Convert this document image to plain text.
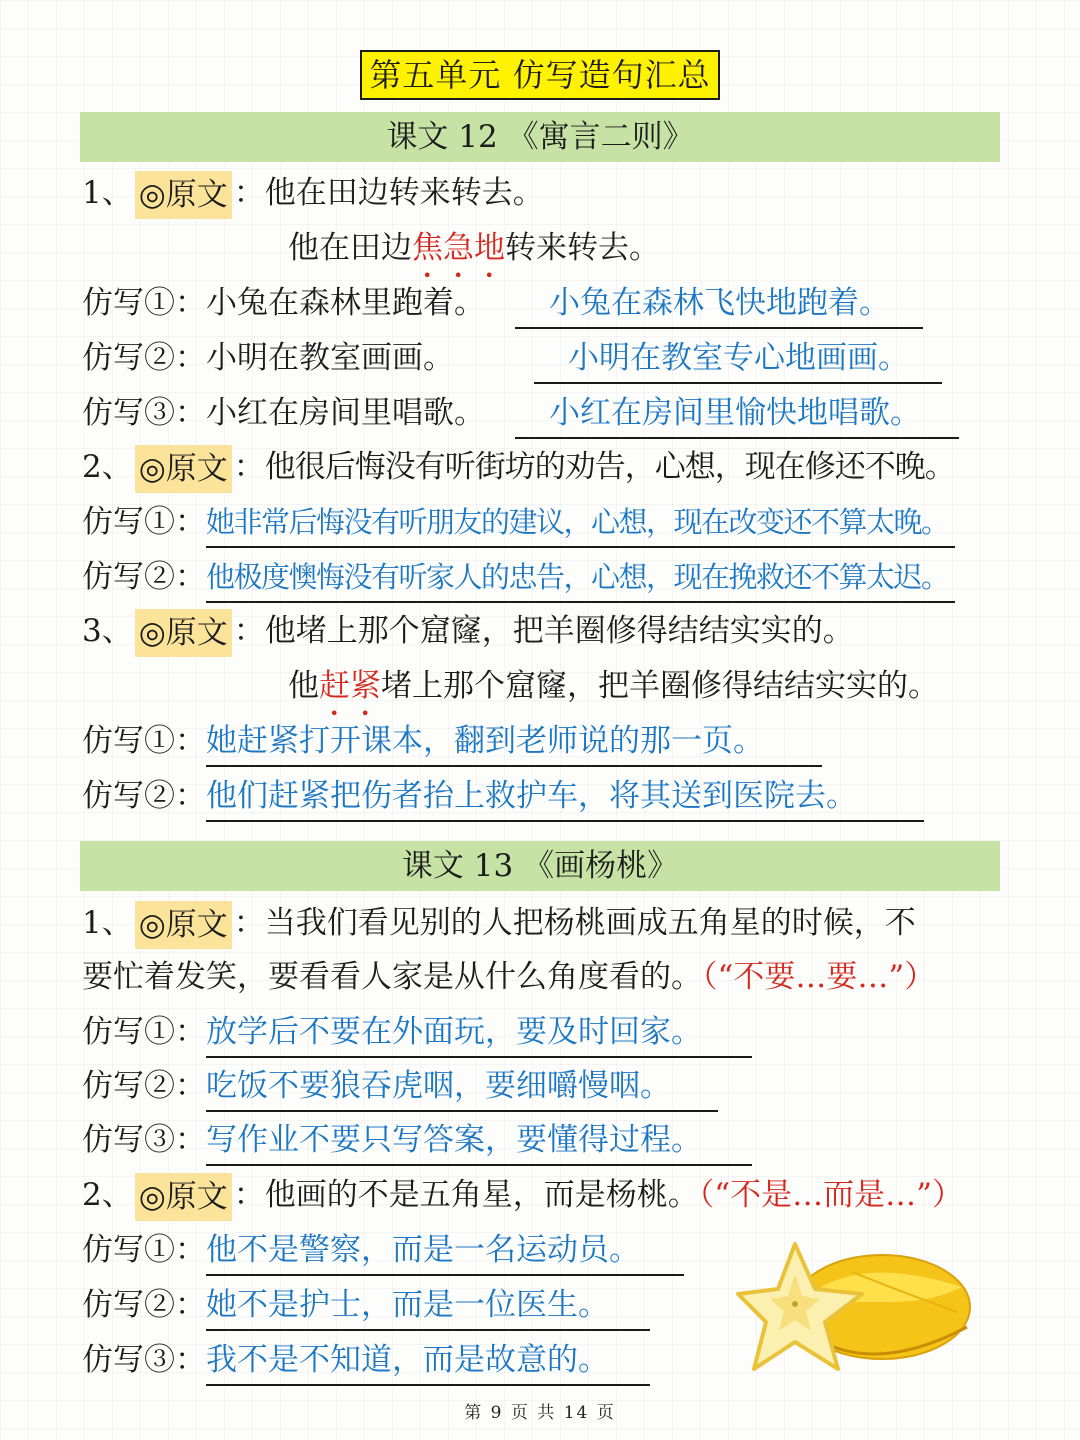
第五单元 仿写造句汇总
课文 12 《寓言二则》
1、 ◎原文 ：他在田边转来转去。
他在田边焦急地转来转去。
仿写①：小兔在森林里跑着。 小兔在森林飞快地跑着。
仿写②：小明在教室画画。	小明在教室专心地画画。
仿写③：小红在房间里唱歌。 小红在房间里愉快地唱歌。
2、 ◎原文 ：他很后悔没有听街坊的劝告，心想，现在修还不晚。
仿写①：她非常后悔没有听朋友的建议，心想，现在改变还不算太晚。
仿写②：他极度懊悔没有听家人的忠告，心想，现在挽救还不算太迟。
3、 ◎原文 ：他堵上那个窟窿，把羊圈修得结结实实的。
他赶紧堵上那个窟窿，把羊圈修得结结实实的。
仿写①：她赶紧打开课本，翻到老师说的那一页。
仿写②：他们赶紧把伤者抬上救护车，将其送到医院去。
课文 13 《画杨桃》
1、 ◎原文 ：当我们看见别的人把杨桃画成五角星的时候，不
要忙着发笑，要看看人家是从什么角度看的。（“不要…要…”）
仿写①：放学后不要在外面玩，要及时回家。
仿写②：吃饭不要狼吞虎咽，要细嚼慢咽。
仿写③：写作业不要只写答案，要懂得过程。
2、 ◎原文 ：他画的不是五角星，而是杨桃。（“不是…而是…”）
仿写①：他不是警察，而是一名运动员。
仿写②：她不是护士，而是一位医生。
仿写③：我不是不知道，而是故意的。
第 9 页 共 14 页
